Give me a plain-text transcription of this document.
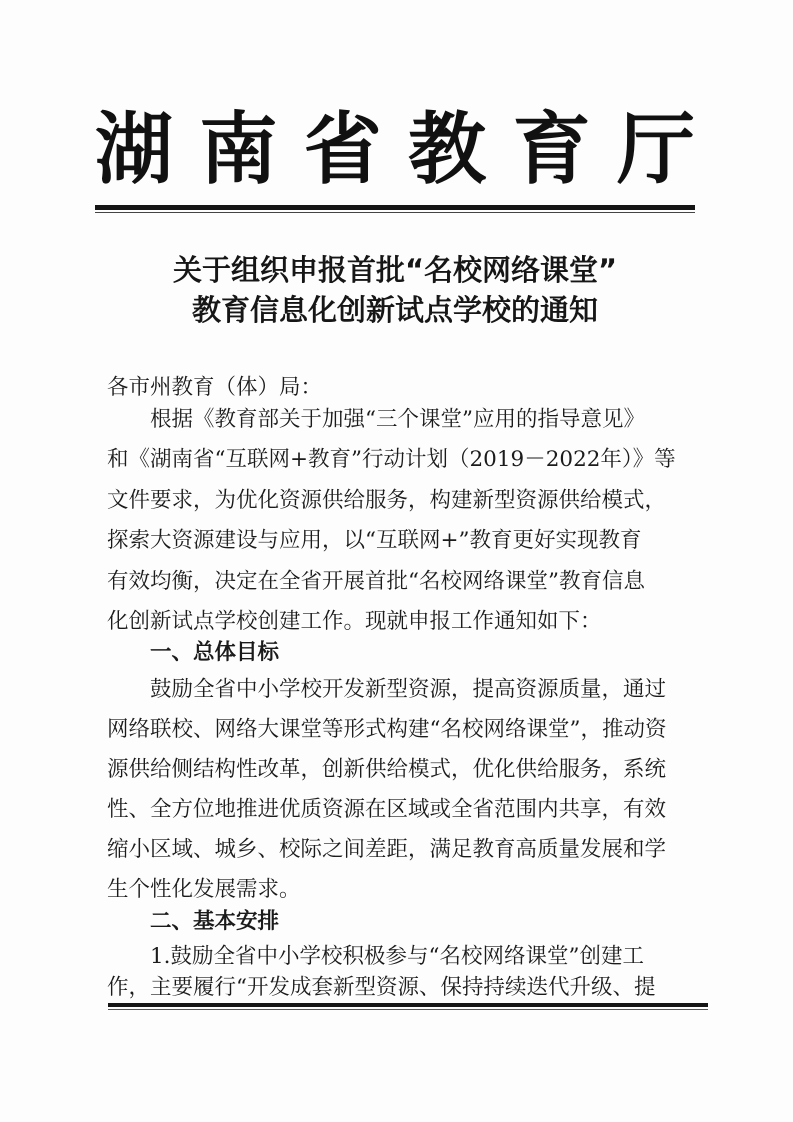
湖 南 省 教 育 厅
关于组织申报首批“名校网络课堂”
教育信息化创新试点学校的通知
各市州教育（体）局：
根据《教育部关于加强“三个课堂”应用的指导意见》
和《湖南省“互联网+教育”行动计划（2019－2022年）》等
文件要求，为优化资源供给服务，构建新型资源供给模式，
探索大资源建设与应用，以“互联网+”教育更好实现教育
有效均衡，决定在全省开展首批“名校网络课堂”教育信息
化创新试点学校创建工作。现就申报工作通知如下：
一、总体目标
鼓励全省中小学校开发新型资源，提高资源质量，通过
网络联校、网络大课堂等形式构建“名校网络课堂”，推动资
源供给侧结构性改革，创新供给模式，优化供给服务，系统
性、全方位地推进优质资源在区域或全省范围内共享，有效
缩小区域、城乡、校际之间差距，满足教育高质量发展和学
生个性化发展需求。
二、基本安排
1.鼓励全省中小学校积极参与“名校网络课堂”创建工
作，主要履行“开发成套新型资源、保持持续迭代升级、提
